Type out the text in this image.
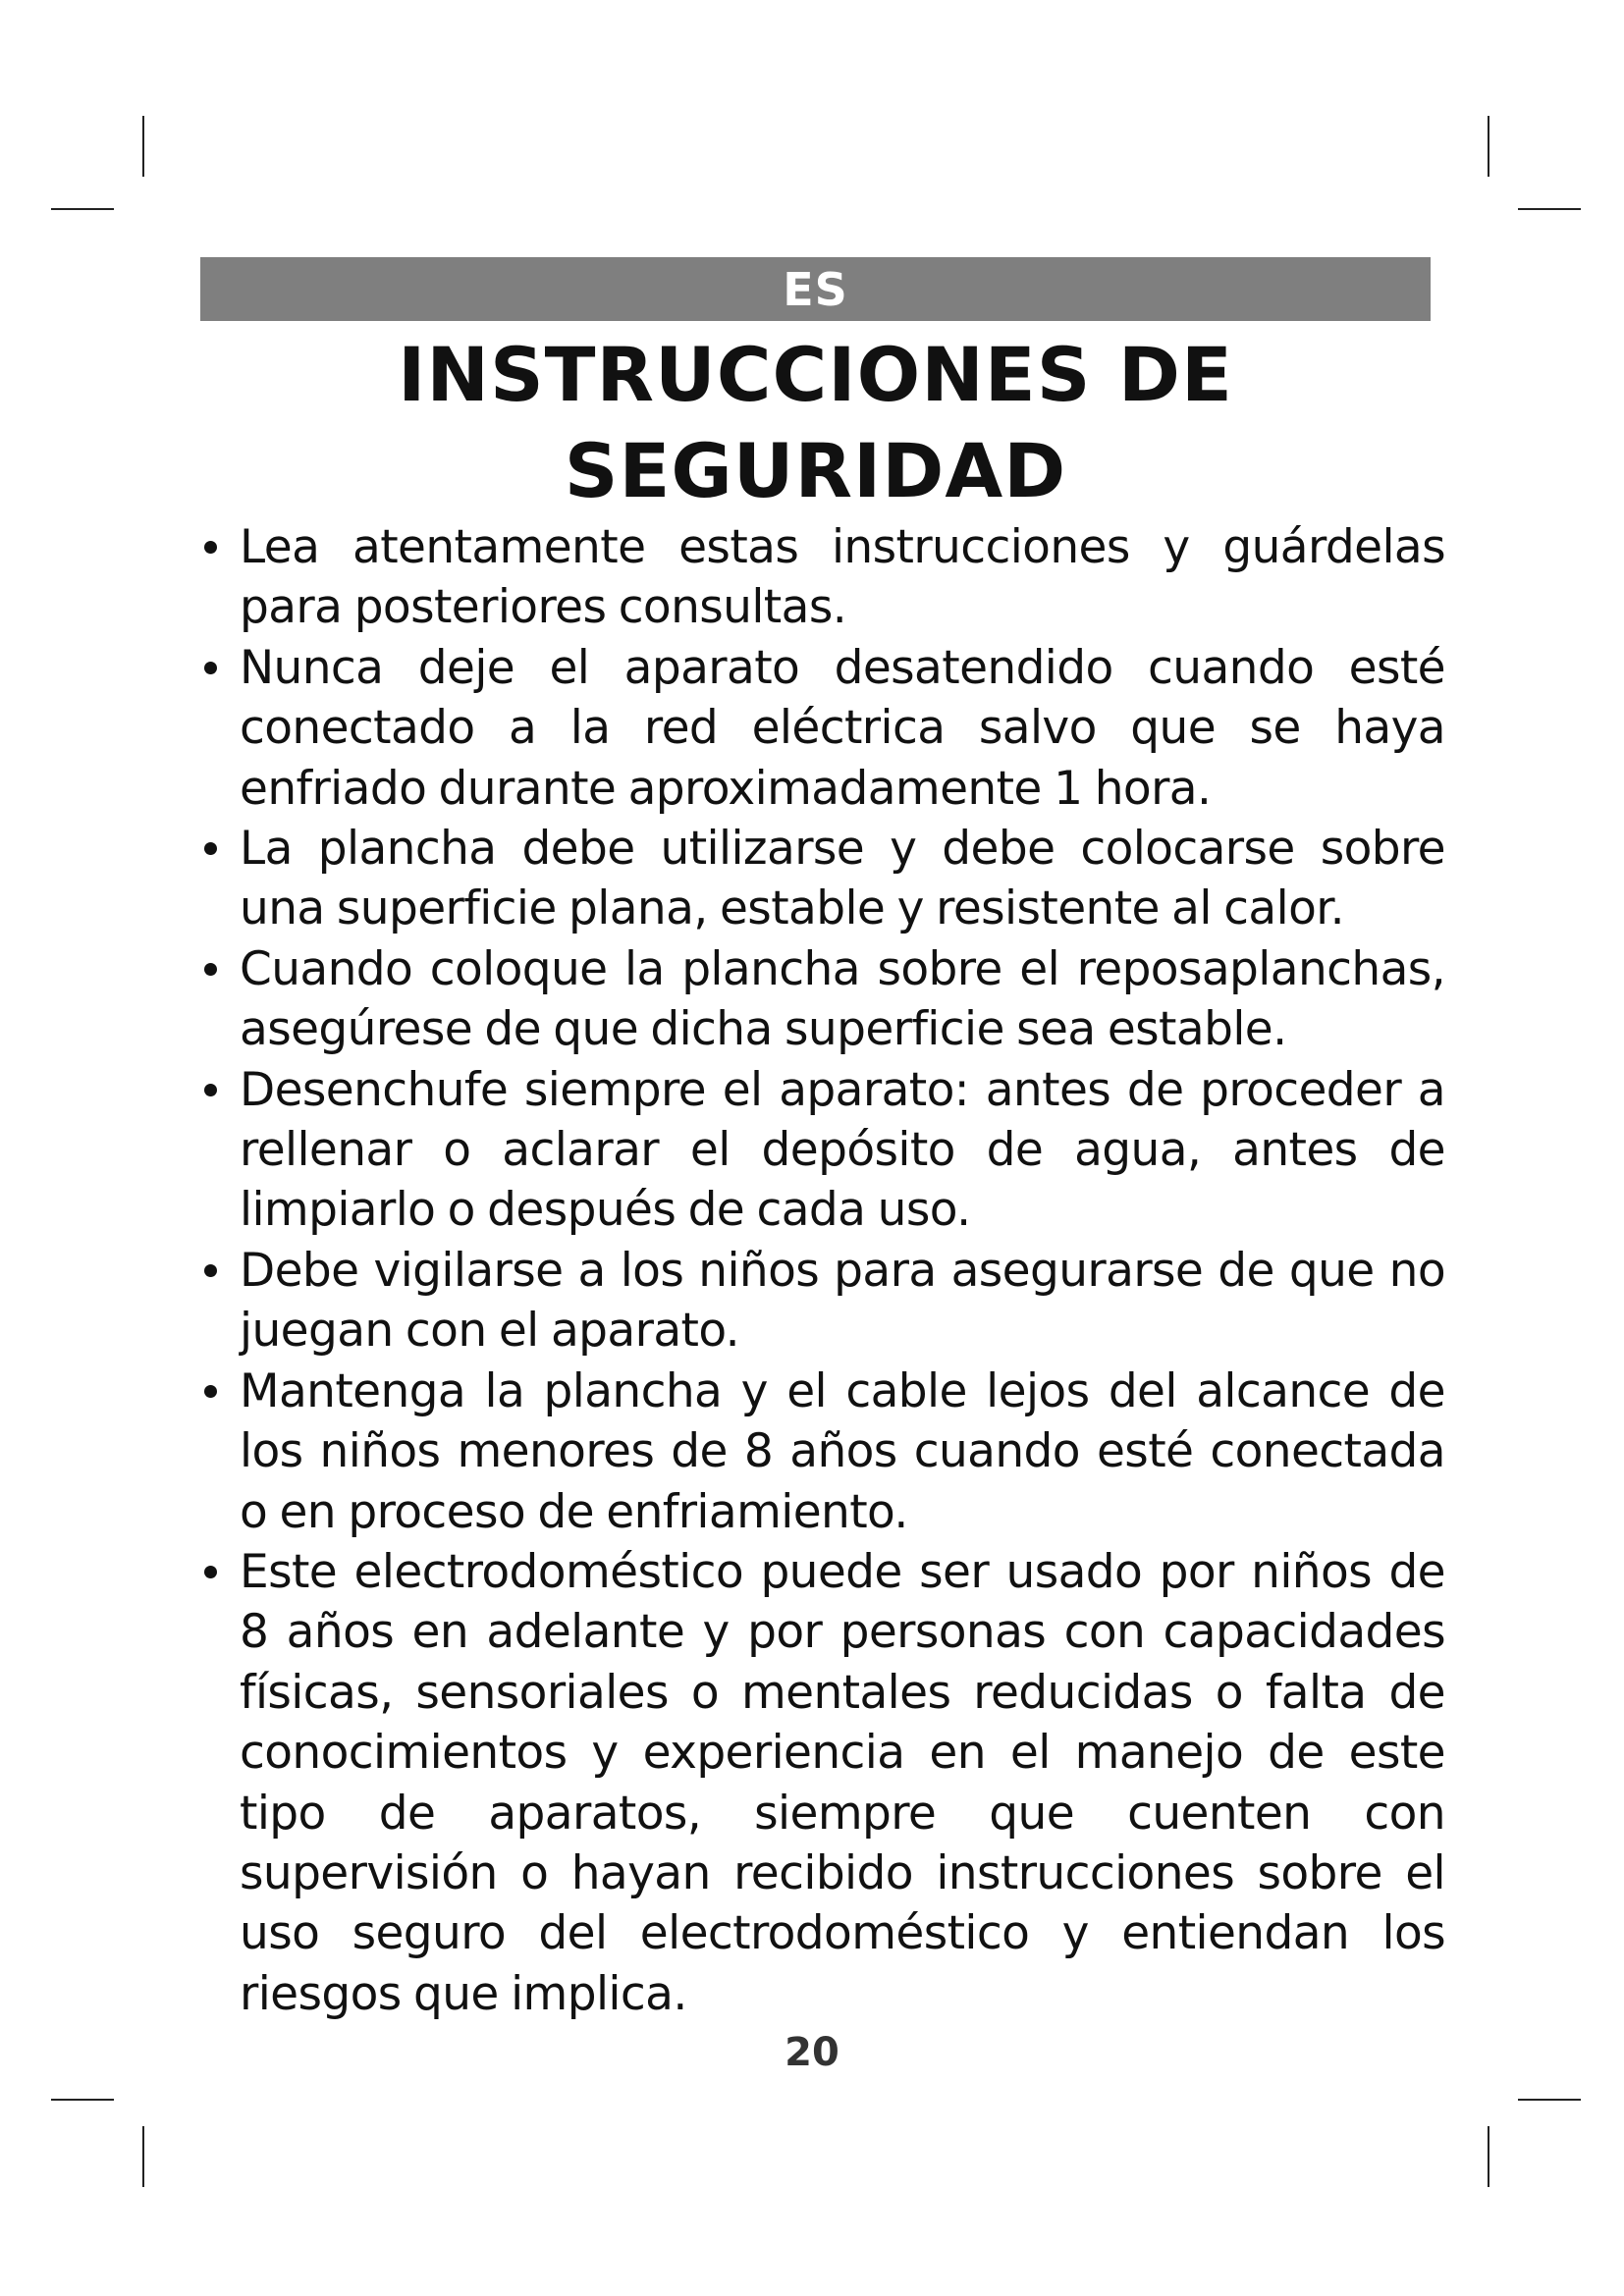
ES
INSTRUCCIONES DE
SEGURIDAD
Lea atentamente estas instrucciones y guárdelas para posteriores consultas.
Nunca deje el aparato desatendido cuando esté conectado a la red eléctrica salvo que se haya enfriado durante aproximadamente 1 hora.
La plancha debe utilizarse y debe colocarse sobre una superficie plana, estable y resistente al calor.
Cuando coloque la plancha sobre el reposaplanchas, asegúrese de que dicha superficie sea estable.
Desenchufe siempre el aparato: antes de proceder a rellenar o aclarar el depósito de agua, antes de limpiarlo o después de cada uso.
Debe vigilarse a los niños para asegurarse de que no juegan con el aparato.
Mantenga la plancha y el cable lejos del alcance de los niños menores de 8 años cuando esté conectada o en proceso de enfriamiento.
Este electrodoméstico puede ser usado por niños de 8 años en adelante y por personas con capacidades físicas, sensoriales o mentales reducidas o falta de conocimientos y experiencia en el manejo de este tipo de aparatos, siempre que cuenten con supervisión o hayan recibido instrucciones sobre el uso seguro del electrodoméstico y entiendan los riesgos que implica.
20
